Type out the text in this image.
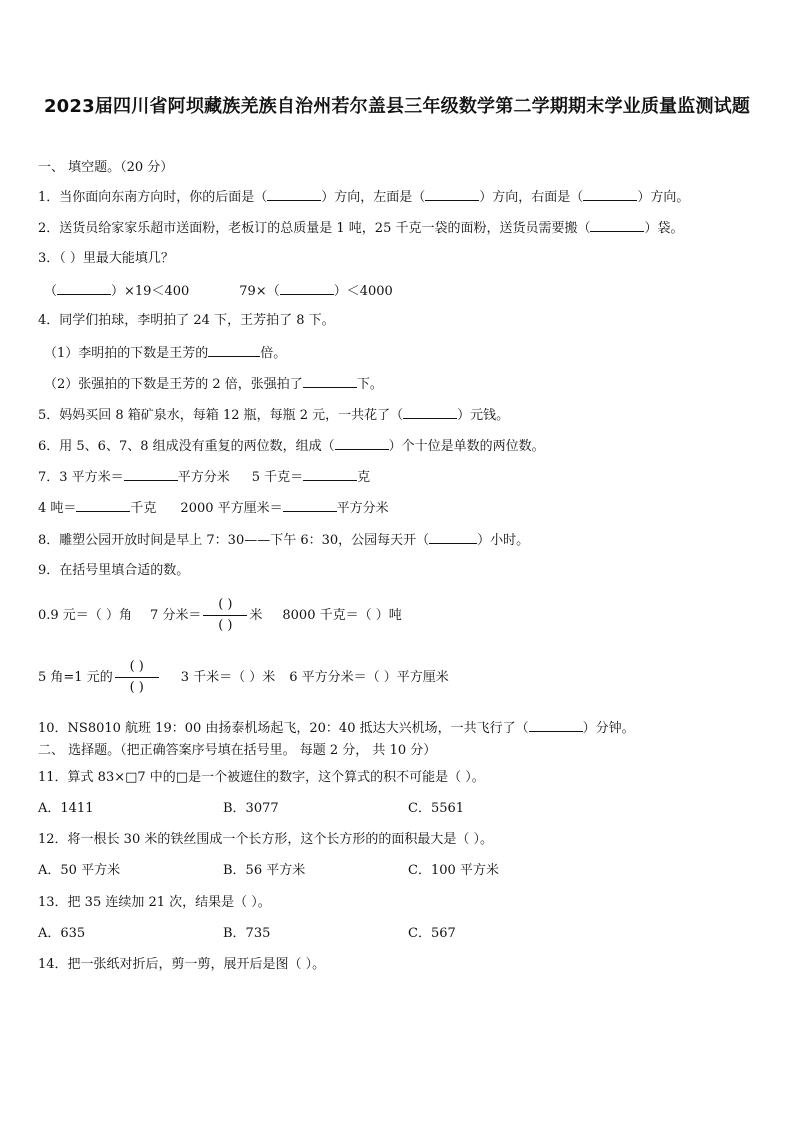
2023届四川省阿坝藏族羌族自治州若尔盖县三年级数学第二学期期末学业质量监测试题
一、 填空题。（20 分）
1．当你面向东南方向时，你的后面是（	）方向，左面是（	）方向，右面是（	）方向。
2．送货员给家家乐超市送面粉，老板订的总质量是 1 吨，25 千克一袋的面粉，送货员需要搬（	）袋。
3．（ ）里最大能填几？
（	）×19＜400	79×（	）＜4000
4．同学们拍球，李明拍了 24 下，王芳拍了 8 下。
（1）李明拍的下数是王芳的	倍。
（2）张强拍的下数是王芳的 2 倍，张强拍了	下。
5．妈妈买回 8 箱矿泉水，每箱 12 瓶，每瓶 2 元，一共花了（	）元钱。
6．用 5、6、7、8 组成没有重复的两位数，组成（	）个十位是单数的两位数。
7．3 平方米＝	平方分米 5 千克＝	克
4 吨＝	千克 2000 平方厘米＝	平方分米
8．雕塑公园开放时间是早上 7：30——下午 6：30，公园每天开（	）小时。
9．在括号里填合适的数。
0.9 元＝（ ）角 7 分米＝ $\frac{( )}{( )}$ 米 8000 千克＝（ ）吨
5 角=1 元的 $\frac{( )}{( )} 3$ 千米＝（ ）米 6 平方分米＝（ ）平方厘米
10．NS8010 航班 19：00 由扬泰机场起飞，20：40 抵达大兴机场，一共飞行了（	）分钟。
二、 选择题。（把正确答案序号填在括号里。 每题 2 分， 共 10 分）
11．算式 83×□7 中的□是一个被遮住的数字，这个算式的积不可能是（ ）。
A．1411	B．3077	C．5561
12．将一根长 30 米的铁丝围成一个长方形，这个长方形的的面积最大是（ ）。
A．50 平方米	B．56 平方米	C．100 平方米
13．把 35 连续加 21 次，结果是（ ）。
A．635	B．735	C．567
14．把一张纸对折后，剪一剪，展开后是图（ ）。
